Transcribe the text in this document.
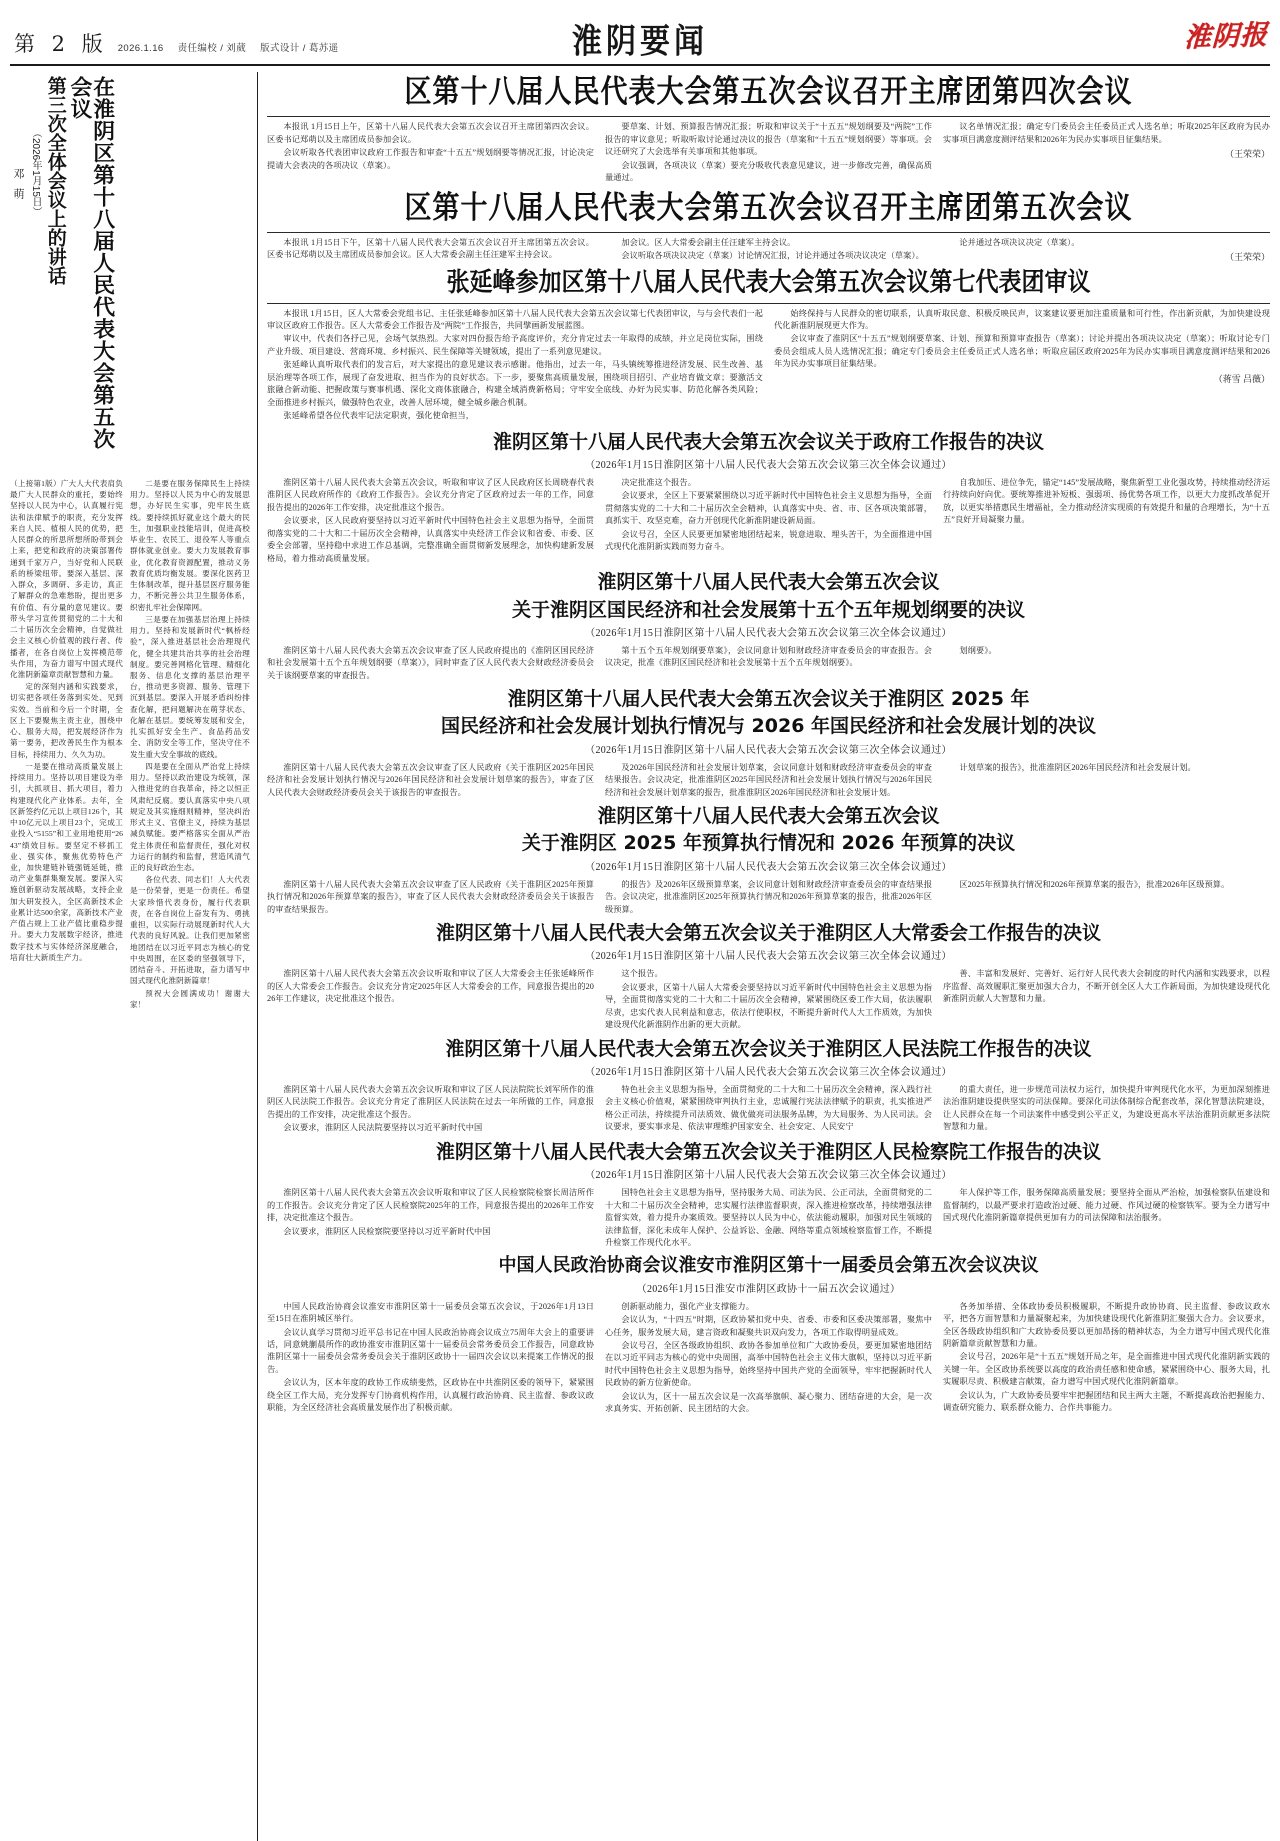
第 2 版 2026.1.16 责任编校 / 刘葳 版式设计 / 葛苏遥	淮阴要闻	淮阴报
在淮阴区第十八届人民代表大会第五次会议
第三次全体会议上的讲话
（2026年1月15日）
邓 萌

（上接第1版）广大人大代表肩负最广大人民群众的重托，要始终坚持以人民为中心，认真履行宪法和法律赋予的职责，充分发挥来自人民、植根人民的优势，把人民群众的所思所想所盼带到会上来，把党和政府的决策部署传递到千家万户，当好党和人民联系的桥梁纽带。要深入基层、深入群众，多调研、多走访，真正了解群众的急难愁盼，提出更多有价值、有分量的意见建议。要带头学习宣传贯彻党的二十大和二十届历次全会精神，自觉做社会主义核心价值观的践行者、传播者，在各自岗位上发挥模范带头作用，为奋力谱写中国式现代化淮阴新篇章贡献智慧和力量。

定的深刻内涵和实践要求，切实把各项任务落到实处、见到实效。当前和今后一个时期，全区上下要聚焦主责主业，围绕中心、服务大局，把发展经济作为第一要务，把改善民生作为根本目标，持续用力、久久为功。

一是要在推动高质量发展上持续用力。坚持以项目建设为牵引，大抓项目、抓大项目，着力构建现代化产业体系。去年，全区新签约亿元以上项目126个，其中10亿元以上项目23个，完成工业投入“5155”和工业用地使用“2643”绩效目标。要坚定不移抓工业、强实体，聚焦优势特色产业，加快建链补链强链延链，推动产业集群集聚发展。要深入实施创新驱动发展战略，支持企业加大研发投入，全区高新技术企业累计达500余家，高新技术产业产值占规上工业产值比重稳步提升。要大力发展数字经济，推进数字技术与实体经济深度融合，培育壮大新质生产力。

二是要在服务保障民生上持续用力。坚持以人民为中心的发展思想，办好民生实事，兜牢民生底线。要持续抓好就业这个最大的民生，加强职业技能培训，促进高校毕业生、农民工、退役军人等重点群体就业创业。要大力发展教育事业，优化教育资源配置，推动义务教育优质均衡发展。要深化医药卫生体制改革，提升基层医疗服务能力，不断完善公共卫生服务体系，织密扎牢社会保障网。

三是要在加强基层治理上持续用力。坚持和发展新时代“枫桥经验”，深入推进基层社会治理现代化，健全共建共治共享的社会治理制度。要完善网格化管理、精细化服务、信息化支撑的基层治理平台，推动更多资源、服务、管理下沉到基层。要深入开展矛盾纠纷排查化解，把问题解决在萌芽状态、化解在基层。要统筹发展和安全，扎实抓好安全生产、食品药品安全、消防安全等工作，坚决守住不发生重大安全事故的底线。

四是要在全面从严治党上持续用力。坚持以政治建设为统领，深入推进党的自我革命，持之以恒正风肃纪反腐。要认真落实中央八项规定及其实施细则精神，坚决纠治形式主义、官僚主义，持续为基层减负赋能。要严格落实全面从严治党主体责任和监督责任，强化对权力运行的制约和监督，营造风清气正的良好政治生态。

各位代表、同志们！人大代表是一份荣誉，更是一份责任。希望大家珍惜代表身份，履行代表职责，在各自岗位上奋发有为、勇挑重担，以实际行动展现新时代人大代表的良好风貌。让我们更加紧密地团结在以习近平同志为核心的党中央周围，在区委的坚强领导下，团结奋斗、开拓进取，奋力谱写中国式现代化淮阴新篇章！

预祝大会圆满成功！谢谢大家！

区第十八届人民代表大会第五次会议召开主席团第四次会议

本报讯 1月15日上午，区第十八届人民代表大会第五次会议召开主席团第四次会议。区委书记郑萌以及主席团成员参加会议。

会议听取各代表团审议政府工作报告和审查“十五五”规划纲要等情况汇报，讨论决定提请大会表决的各项决议（草案）。

要草案、计划、预算报告情况汇报；听取和审议关于“十五五”规划纲要及“两院”工作报告的审议意见；听取听取讨论通过决议的报告（草案和“十五五”规划纲要）等事项。会议还研究了大会选举有关事项和其他事项。

会议强调，各项决议（草案）要充分吸收代表意见建议，进一步修改完善，确保高质量通过。

议名单情况汇报；确定专门委员会主任委员正式人选名单；听取2025年区政府为民办实事项目满意度测评结果和2026年为民办实事项目征集结果。

（王荣荣）
区第十八届人民代表大会第五次会议召开主席团第五次会议

本报讯 1月15日下午，区第十八届人民代表大会第五次会议召开主席团第五次会议。区委书记郑萌以及主席团成员参加会议。区人大常委会副主任汪建军主持会议。

加会议。区人大常委会副主任汪建军主持会议。

会议听取各项决议决定（草案）讨论情况汇报，讨论并通过各项决议决定（草案）。

论并通过各项决议决定（草案）。

（王荣荣）
张延峰参加区第十八届人民代表大会第五次会议第七代表团审议

本报讯 1月15日，区人大常委会党组书记、主任张延峰参加区第十八届人民代表大会第五次会议第七代表团审议，与与会代表们一起审议区政府工作报告。区人大常委会工作报告及“两院”工作报告，共同擘画新发展蓝图。

审议中，代表们各抒己见，会场气氛热烈。大家对四份报告给予高度评价，充分肯定过去一年取得的成绩，并立足岗位实际，围绕产业升级、项目建设、营商环境、乡村振兴、民生保障等关键领域，提出了一系列意见建议。

张延峰认真听取代表们的发言后，对大家提出的意见建议表示感谢。他指出，过去一年，马头镇统筹推进经济发展、民生改善、基层治理等各项工作，展现了奋发进取、担当作为的良好状态。下一步，要聚焦高质量发展，围绕项目招引、产业培育做文章；要激活文旅融合新动能、把握政策与赛事机遇、深化文商体旅融合，构建全域消费新格局；守牢安全底线、办好为民实事、防范化解各类风险；全面推进乡村振兴，做强特色农业，改善人居环境，健全城乡融合机制。

张延峰希望各位代表牢记法定职责，强化使命担当，

始终保持与人民群众的密切联系，认真听取民意、积极反映民声，议案建议要更加注重质量和可行性，作出新贡献，为加快建设现代化新淮阴展现更大作为。

会议审查了淮阴区“十五五”规划纲要草案、计划、预算和预算审查报告（草案）；讨论并提出各项决议决定（草案）；听取讨论专门委员会组成人员人选情况汇报；确定专门委员会主任委员正式人选名单；听取应届区政府2025年为民办实事项目满意度测评结果和2026年为民办实事项目征集结果。

（蒋雪 吕薇）
淮阴区第十八届人民代表大会第五次会议关于政府工作报告的决议
（2026年1月15日淮阴区第十八届人民代表大会第五次会议第三次全体会议通过）

淮阴区第十八届人民代表大会第五次会议，听取和审议了区人民政府区长周晓春代表淮阴区人民政府所作的《政府工作报告》。会议充分肯定了区政府过去一年的工作，同意报告提出的2026年工作安排，决定批准这个报告。

会议要求，区人民政府要坚持以习近平新时代中国特色社会主义思想为指导，全面贯彻落实党的二十大和二十届历次全会精神，认真落实中央经济工作会议和省委、市委、区委全会部署，坚持稳中求进工作总基调，完整准确全面贯彻新发展理念，加快构建新发展格局，着力推动高质量发展。

决定批准这个报告。

会议要求，全区上下要紧紧围绕以习近平新时代中国特色社会主义思想为指导，全面贯彻落实党的二十大和二十届历次全会精神，认真落实中央、省、市、区各项决策部署，真抓实干、攻坚克难，奋力开创现代化新淮阴建设新局面。

会议号召，全区人民要更加紧密地团结起来，锐意进取、埋头苦干，为全面推进中国式现代化淮阴新实践而努力奋斗。

自我加压、进位争先，锚定“145”发展战略，聚焦新型工业化强攻势，持续推动经济运行持续向好向优。要统筹推进补短板、强弱项、扬优势各项工作，以更大力度抓改革促开放，以更实举措惠民生增福祉，全力推动经济实现质的有效提升和量的合理增长，为“十五五”良好开局凝聚力量。

淮阴区第十八届人民代表大会第五次会议
关于淮阴区国民经济和社会发展第十五个五年规划纲要的决议
（2026年1月15日淮阴区第十八届人民代表大会第五次会议第三次全体会议通过）

淮阴区第十八届人民代表大会第五次会议审查了区人民政府提出的《淮阴区国民经济和社会发展第十五个五年规划纲要（草案）》，同时审查了区人民代表大会财政经济委员会关于该纲要草案的审查报告。

第十五个五年规划纲要草案》，会议同意计划和财政经济审查委员会的审查报告。会议决定，批准《淮阴区国民经济和社会发展第十五个五年规划纲要》。

划纲要》。

淮阴区第十八届人民代表大会第五次会议关于淮阴区 2025 年
国民经济和社会发展计划执行情况与 2026 年国民经济和社会发展计划的决议
（2026年1月15日淮阴区第十八届人民代表大会第五次会议第三次全体会议通过）

淮阴区第十八届人民代表大会第五次会议审查了区人民政府《关于淮阴区2025年国民经济和社会发展计划执行情况与2026年国民经济和社会发展计划草案的报告》，审查了区人民代表大会财政经济委员会关于该报告的审查报告。

及2026年国民经济和社会发展计划草案，会议同意计划和财政经济审查委员会的审查结果报告。会议决定，批准淮阴区2025年国民经济和社会发展计划执行情况与2026年国民经济和社会发展计划草案的报告，批准淮阴区2026年国民经济和社会发展计划。

计划草案的报告》，批准淮阴区2026年国民经济和社会发展计划。

淮阴区第十八届人民代表大会第五次会议
关于淮阴区 2025 年预算执行情况和 2026 年预算的决议
（2026年1月15日淮阴区第十八届人民代表大会第五次会议第三次全体会议通过）

淮阴区第十八届人民代表大会第五次会议审查了区人民政府《关于淮阴区2025年预算执行情况和2026年预算草案的报告》，审查了区人民代表大会财政经济委员会关于该报告的审查结果报告。

的报告》及2026年区级预算草案，会议同意计划和财政经济审查委员会的审查结果报告。会议决定，批准淮阴区2025年预算执行情况和2026年预算草案的报告，批准2026年区级预算。

区2025年预算执行情况和2026年预算草案的报告》，批准2026年区级预算。

淮阴区第十八届人民代表大会第五次会议关于淮阴区人大常委会工作报告的决议
（2026年1月15日淮阴区第十八届人民代表大会第五次会议第三次全体会议通过）

淮阴区第十八届人民代表大会第五次会议听取和审议了区人大常委会主任张延峰所作的区人大常委会工作报告。会议充分肯定2025年区人大常委会的工作，同意报告提出的2026年工作建议，决定批准这个报告。

这个报告。

会议要求，区第十八届人大常委会要坚持以习近平新时代中国特色社会主义思想为指导，全面贯彻落实党的二十大和二十届历次全会精神，紧紧围绕区委工作大局，依法履职尽责，忠实代表人民利益和意志，依法行使职权，不断提升新时代人大工作质效，为加快建设现代化新淮阴作出新的更大贡献。

善、丰富和发展好、完善好、运行好人民代表大会制度的时代内涵和实践要求，以程序监督、高效履职汇聚更加强大合力，不断开创全区人大工作新局面，为加快建设现代化新淮阴贡献人大智慧和力量。

淮阴区第十八届人民代表大会第五次会议关于淮阴区人民法院工作报告的决议
（2026年1月15日淮阴区第十八届人民代表大会第五次会议第三次全体会议通过）

淮阴区第十八届人民代表大会第五次会议听取和审议了区人民法院院长刘军所作的淮阴区人民法院工作报告。会议充分肯定了淮阴区人民法院在过去一年所做的工作，同意报告提出的工作安排，决定批准这个报告。

会议要求，淮阴区人民法院要坚持以习近平新时代中国

特色社会主义思想为指导，全面贯彻党的二十大和二十届历次全会精神，深入践行社会主义核心价值观，紧紧围绕审判执行主业，忠诚履行宪法法律赋予的职责，扎实推进严格公正司法，持续提升司法质效、做优做亮司法服务品牌，为大局服务、为人民司法。会议要求，要实事求是、依法审理维护国家安全、社会安定、人民安宁

的重大责任，进一步规范司法权力运行，加快提升审判现代化水平，为更加深刻推进法治淮阴建设提供坚实的司法保障。要深化司法体制综合配套改革，深化智慧法院建设，让人民群众在每一个司法案件中感受到公平正义，为建设更高水平法治淮阴贡献更多法院智慧和力量。

淮阴区第十八届人民代表大会第五次会议关于淮阴区人民检察院工作报告的决议
（2026年1月15日淮阴区第十八届人民代表大会第五次会议第三次全体会议通过）

淮阴区第十八届人民代表大会第五次会议听取和审议了区人民检察院检察长周洁所作的工作报告。会议充分肯定了区人民检察院2025年的工作，同意报告提出的2026年工作安排，决定批准这个报告。

会议要求，淮阴区人民检察院要坚持以习近平新时代中国

国特色社会主义思想为指导，坚持服务大局、司法为民、公正司法，全面贯彻党的二十大和二十届历次全会精神，忠实履行法律监督职责，深入推进检察改革，持续增强法律监督实效，着力提升办案质效。要坚持以人民为中心，依法能动履职，加强对民生领域的法律监督，深化未成年人保护、公益诉讼、金融、网络等重点领域检察监督工作，不断提升检察工作现代化水平。

年人保护等工作，服务保障高质量发展；要坚持全面从严治检，加强检察队伍建设和监督制约，以最严要求打造政治过硬、能力过硬、作风过硬的检察铁军。要为全力谱写中国式现代化淮阴新篇章提供更加有力的司法保障和法治服务。

中国人民政治协商会议淮安市淮阴区第十一届委员会第五次会议决议
（2026年1月15日淮安市淮阴区政协十一届五次会议通过）

中国人民政治协商会议淮安市淮阴区第十一届委员会第五次会议，于2026年1月13日至15日在淮阴城区举行。

会议认真学习贯彻习近平总书记在中国人民政治协商会议成立75周年大会上的重要讲话，同意姚蒯晨所作的政协淮安市淮阴区第十一届委员会常务委员会工作报告，同意政协淮阴区第十一届委员会常务委员会关于淮阴区政协十一届四次会议以来提案工作情况的报告。

会议认为，区本年度的政协工作成绩斐然，区政协在中共淮阴区委的领导下，紧紧围绕全区工作大局，充分发挥专门协商机构作用，认真履行政治协商、民主监督、参政议政职能，为全区经济社会高质量发展作出了积极贡献。

创新驱动能力，强化产业支撑能力。

会议认为，“十四五”时期，区政协紧扣党中央、省委、市委和区委决策部署，聚焦中心任务，服务发展大局，建言资政和凝聚共识双向发力，各项工作取得明显成效。

会议号召，全区各级政协组织、政协各参加单位和广大政协委员，要更加紧密地团结在以习近平同志为核心的党中央周围，高举中国特色社会主义伟大旗帜，坚持以习近平新时代中国特色社会主义思想为指导，始终坚持中国共产党的全面领导，牢牢把握新时代人民政协的新方位新使命。

会议认为，区十一届五次会议是一次高举旗帜、凝心聚力、团结奋进的大会，是一次求真务实、开拓创新、民主团结的大会。

各务加举措、全体政协委员积极履职，不断提升政协协商、民主监督、参政议政水平，把各方面智慧和力量凝聚起来，为加快建设现代化新淮阴汇聚强大合力。会议要求，全区各级政协组织和广大政协委员要以更加昂扬的精神状态，为全力谱写中国式现代化淮阴新篇章贡献智慧和力量。

会议号召，2026年是“十五五”规划开局之年，是全面推进中国式现代化淮阴新实践的关键一年。全区政协系统要以高度的政治责任感和使命感，紧紧围绕中心、服务大局，扎实履职尽责、积极建言献策，奋力谱写中国式现代化淮阴新篇章。

会议认为，广大政协委员要牢牢把握团结和民主两大主题，不断提高政治把握能力、调查研究能力、联系群众能力、合作共事能力。
